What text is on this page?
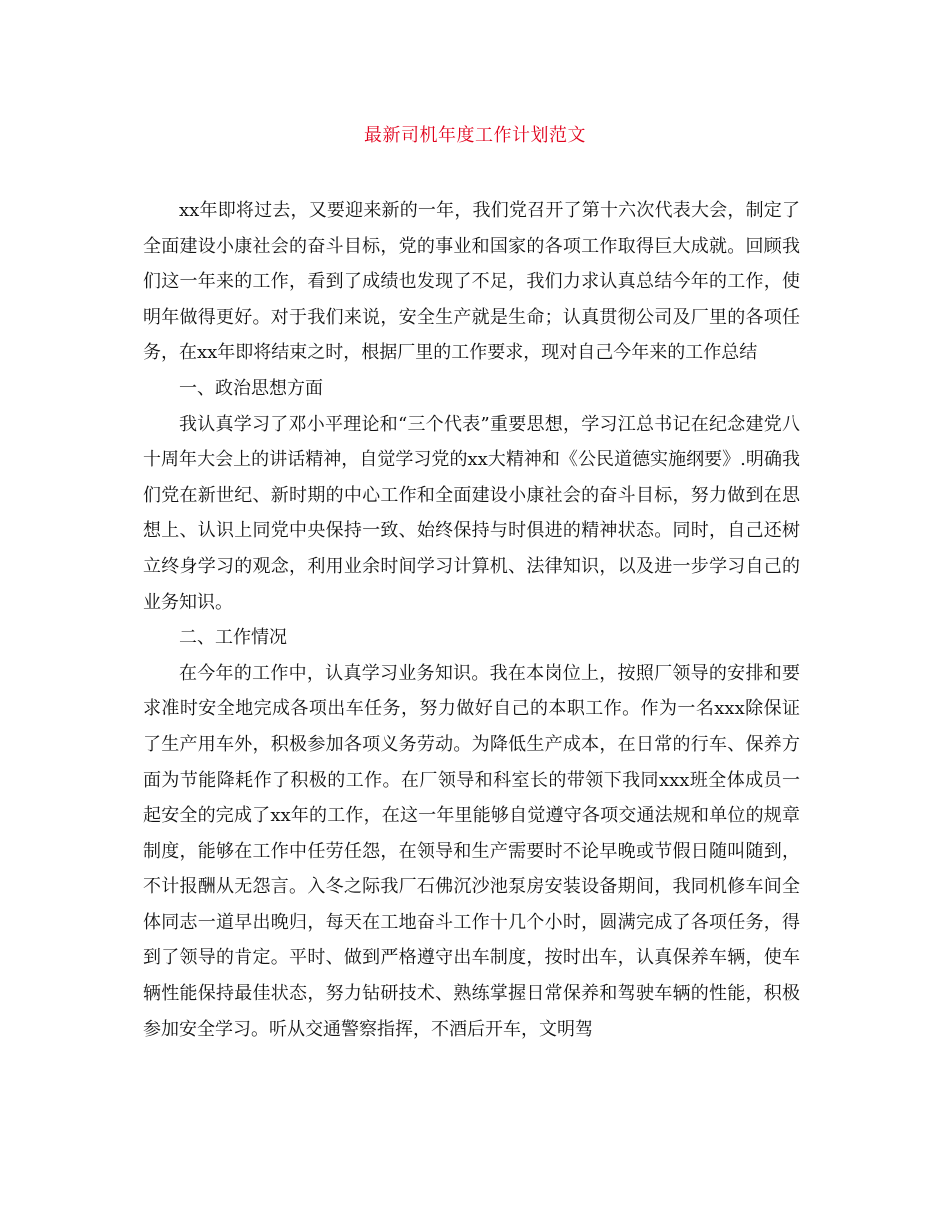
最新司机年度工作计划范文

xx年即将过去，又要迎来新的一年，我们党召开了第十六次代表大会，制定了全面建设小康社会的奋斗目标，党的事业和国家的各项工作取得巨大成就。回顾我们这一年来的工作，看到了成绩也发现了不足，我们力求认真总结今年的工作，使明年做得更好。对于我们来说，安全生产就是生命；认真贯彻公司及厂里的各项任务，在xx年即将结束之时，根据厂里的工作要求，现对自己今年来的工作总结

一、政治思想方面

我认真学习了邓小平理论和“三个代表”重要思想，学习江总书记在纪念建党八十周年大会上的讲话精神，自觉学习党的xx大精神和《公民道德实施纲要》.明确我们党在新世纪、新时期的中心工作和全面建设小康社会的奋斗目标，努力做到在思想上、认识上同党中央保持一致、始终保持与时俱进的精神状态。同时，自己还树立终身学习的观念，利用业余时间学习计算机、法律知识，以及进一步学习自己的业务知识。

二、工作情况

在今年的工作中，认真学习业务知识。我在本岗位上，按照厂领导的安排和要求准时安全地完成各项出车任务，努力做好自己的本职工作。作为一名xxx除保证了生产用车外，积极参加各项义务劳动。为降低生产成本，在日常的行车、保养方面为节能降耗作了积极的工作。在厂领导和科室长的带领下我同xxx班全体成员一起安全的完成了xx年的工作，在这一年里能够自觉遵守各项交通法规和单位的规章制度，能够在工作中任劳任怨，在领导和生产需要时不论早晚或节假日随叫随到，不计报酬从无怨言。入冬之际我厂石佛沉沙池泵房安装设备期间，我同机修车间全体同志一道早出晚归，每天在工地奋斗工作十几个小时，圆满完成了各项任务，得到了领导的肯定。平时、做到严格遵守出车制度，按时出车，认真保养车辆，使车辆性能保持最佳状态，努力钻研技术、熟练掌握日常保养和驾驶车辆的性能，积极参加安全学习。听从交通警察指挥，不酒后开车，文明驾
